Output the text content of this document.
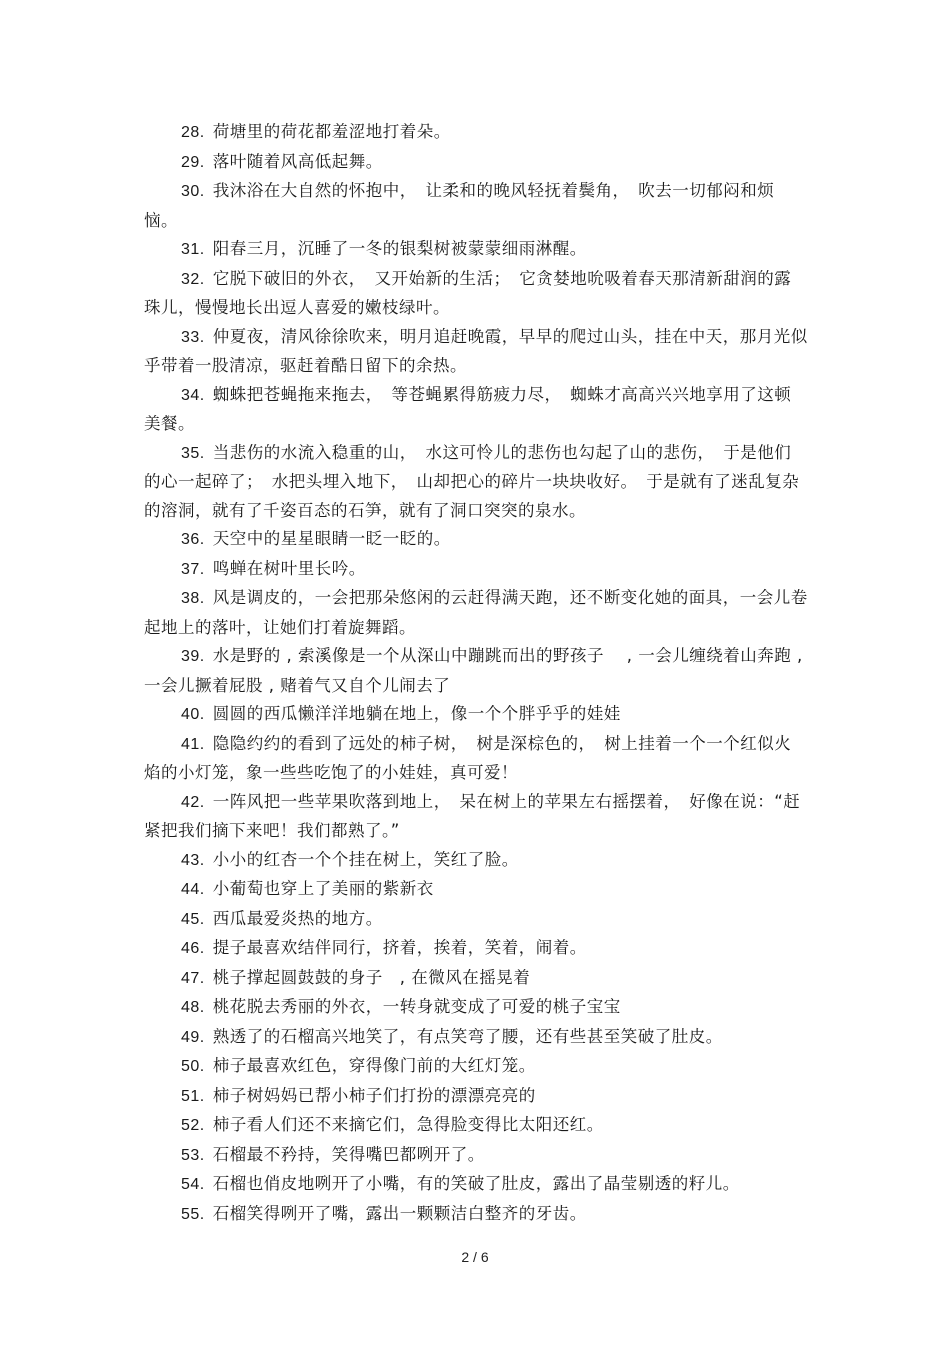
28. 荷塘里的荷花都羞涩地打着朵。

29. 落叶随着风高低起舞。

30. 我沐浴在大自然的怀抱中，　让柔和的晚风轻抚着鬓角，　吹去一切郁闷和烦恼。

31. 阳春三月，沉睡了一冬的银梨树被蒙蒙细雨淋醒。

32. 它脱下破旧的外衣，　又开始新的生活；　它贪婪地吮吸着春天那清新甜润的露珠儿，慢慢地长出逗人喜爱的嫩枝绿叶。

33. 仲夏夜，清风徐徐吹来，明月追赶晚霞，早早的爬过山头，挂在中天，那月光似乎带着一股清凉，驱赶着酷日留下的余热。

34. 蜘蛛把苍蝇拖来拖去，　等苍蝇累得筋疲力尽，　蜘蛛才高高兴兴地享用了这顿美餐。

35. 当悲伤的水流入稳重的山，　水这可怜儿的悲伤也勾起了山的悲伤，　于是他们的心一起碎了；　水把头埋入地下，　山却把心的碎片一块块收好。　于是就有了迷乱复杂的溶洞，就有了千姿百态的石笋，就有了洞口突突的泉水。

36. 天空中的星星眼睛一眨一眨的。

37. 鸣蝉在树叶里长吟。

38. 风是调皮的，一会把那朵悠闲的云赶得满天跑，还不断变化她的面具，一会儿卷起地上的落叶，让她们打着旋舞蹈。

39. 水是野的 , 索溪像是一个从深山中蹦跳而出的野孩子　 , 一会儿缠绕着山奔跑 , 一会儿撅着屁股 , 赌着气又自个儿闹去了

40. 圆圆的西瓜懒洋洋地躺在地上，像一个个胖乎乎的娃娃

41. 隐隐约约的看到了远处的柿子树，　树是深棕色的，　树上挂着一个一个红似火焰的小灯笼，象一些些吃饱了的小娃娃，真可爱！

42. 一阵风把一些苹果吹落到地上，　呆在树上的苹果左右摇摆着，　好像在说：“赶紧把我们摘下来吧！我们都熟了。”

43. 小小的红杏一个个挂在树上，笑红了脸。

44. 小葡萄也穿上了美丽的紫新衣

45. 西瓜最爱炎热的地方。

46. 提子最喜欢结伴同行，挤着，挨着，笑着，闹着。

47. 桃子撑起圆鼓鼓的身子　, 在微风在摇晃着

48. 桃花脱去秀丽的外衣，一转身就变成了可爱的桃子宝宝

49. 熟透了的石榴高兴地笑了，有点笑弯了腰，还有些甚至笑破了肚皮。

50. 柿子最喜欢红色，穿得像门前的大红灯笼。

51. 柿子树妈妈已帮小柿子们打扮的漂漂亮亮的

52. 柿子看人们还不来摘它们，急得脸变得比太阳还红。

53. 石榴最不矜持，笑得嘴巴都咧开了。

54. 石榴也俏皮地咧开了小嘴，有的笑破了肚皮，露出了晶莹剔透的籽儿。

55. 石榴笑得咧开了嘴，露出一颗颗洁白整齐的牙齿。

2 / 6
